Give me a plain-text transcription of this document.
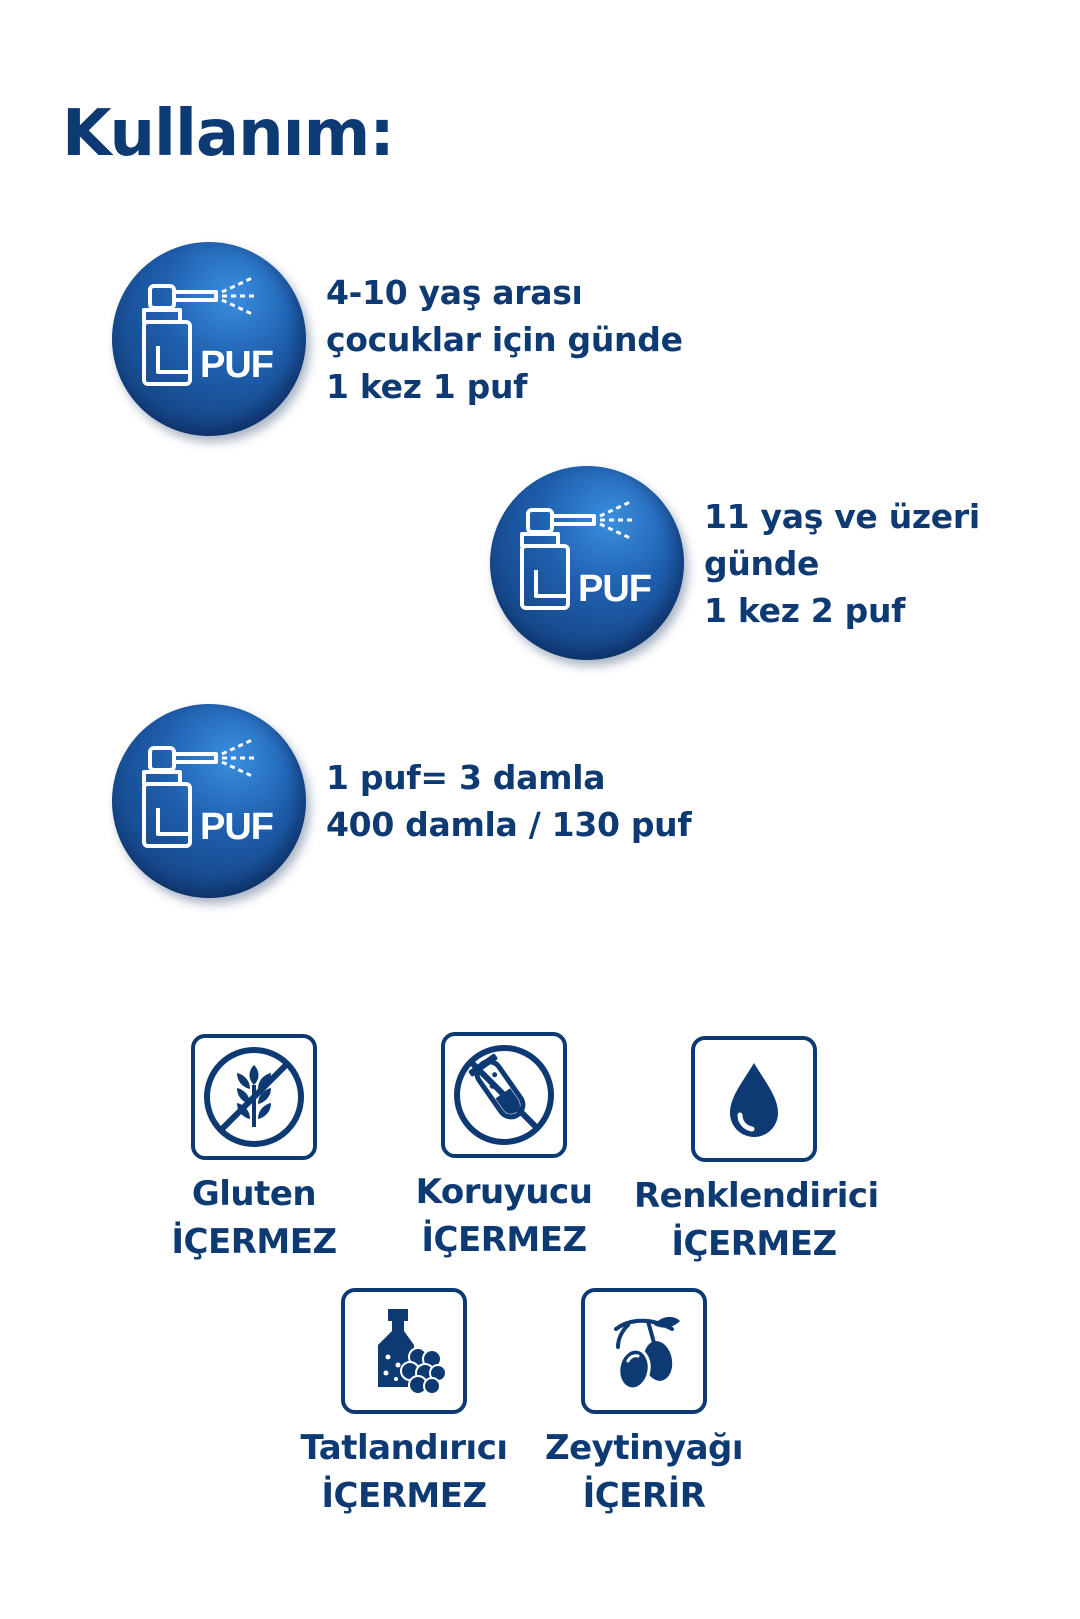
Kullanım:
PUF
4-10 yaş arası
çocuklar için günde
1 kez 1 puf
PUF
11 yaş ve üzeri
günde
1 kez 2 puf
PUF
1 puf= 3 damla
400 damla / 130 puf
Gluten
İÇERMEZ
Koruyucu
İÇERMEZ
Renklendirici
İÇERMEZ
Tatlandırıcı
İÇERMEZ
Zeytinyağı
İÇERİR
